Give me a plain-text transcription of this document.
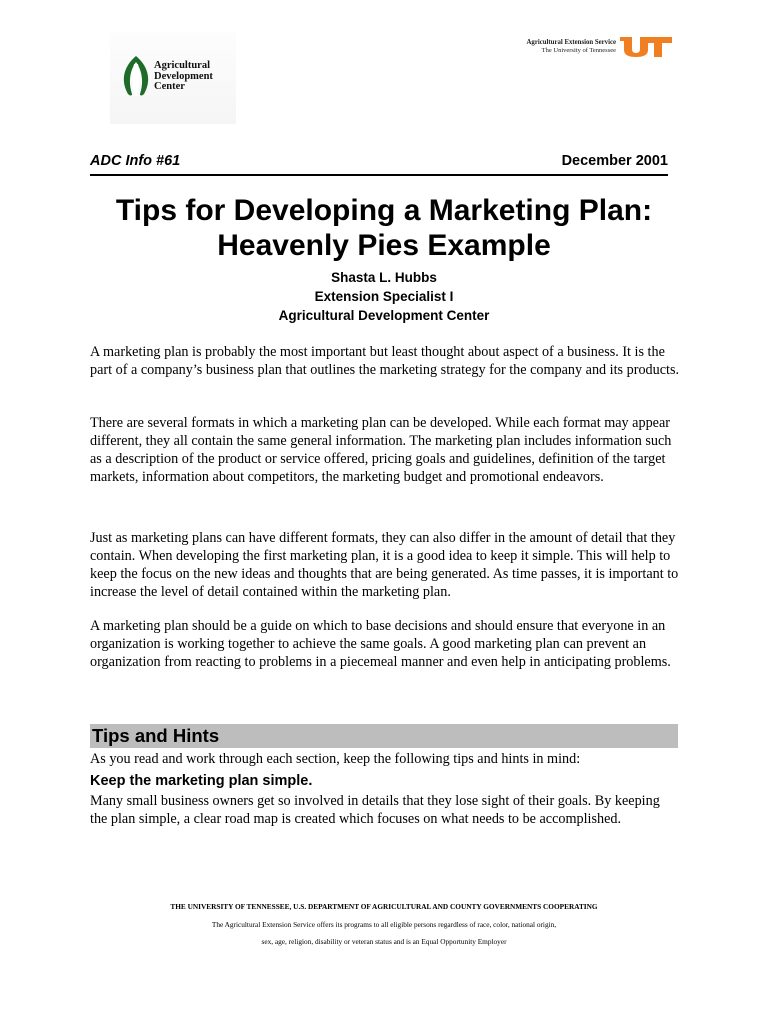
Agricultural
Development
Center
Agricultural Extension Service
The University of Tennessee
ADC Info #61	December 2001
Tips for Developing a Marketing Plan:
Heavenly Pies Example
Shasta L. Hubbs
Extension Specialist I
Agricultural Development Center
A marketing plan is probably the most important but least thought about aspect of a business. It is the part of a company’s business plan that outlines the marketing strategy for the company and its products.
There are several formats in which a marketing plan can be developed. While each format may appear different, they all contain the same general information. The marketing plan includes information such as a description of the product or service offered, pricing goals and guidelines, definition of the target markets, information about competitors, the marketing budget and promotional endeavors.
Just as marketing plans can have different formats, they can also differ in the amount of detail that they contain. When developing the first marketing plan, it is a good idea to keep it simple. This will help to keep the focus on the new ideas and thoughts that are being generated. As time passes, it is important to increase the level of detail contained within the marketing plan.
A marketing plan should be a guide on which to base decisions and should ensure that everyone in an organization is working together to achieve the same goals. A good marketing plan can prevent an organization from reacting to problems in a piecemeal manner and even help in anticipating problems.
Tips and Hints
As you read and work through each section, keep the following tips and hints in mind:
Keep the marketing plan simple.
Many small business owners get so involved in details that they lose sight of their goals. By keeping the plan simple, a clear road map is created which focuses on what needs to be accomplished.
THE UNIVERSITY OF TENNESSEE, U.S. DEPARTMENT OF AGRICULTURAL AND COUNTY GOVERNMENTS COOPERATING
The Agricultural Extension Service offers its programs to all eligible persons regardless of race, color, national origin,
sex, age, religion, disability or veteran status and is an Equal Opportunity Employer
